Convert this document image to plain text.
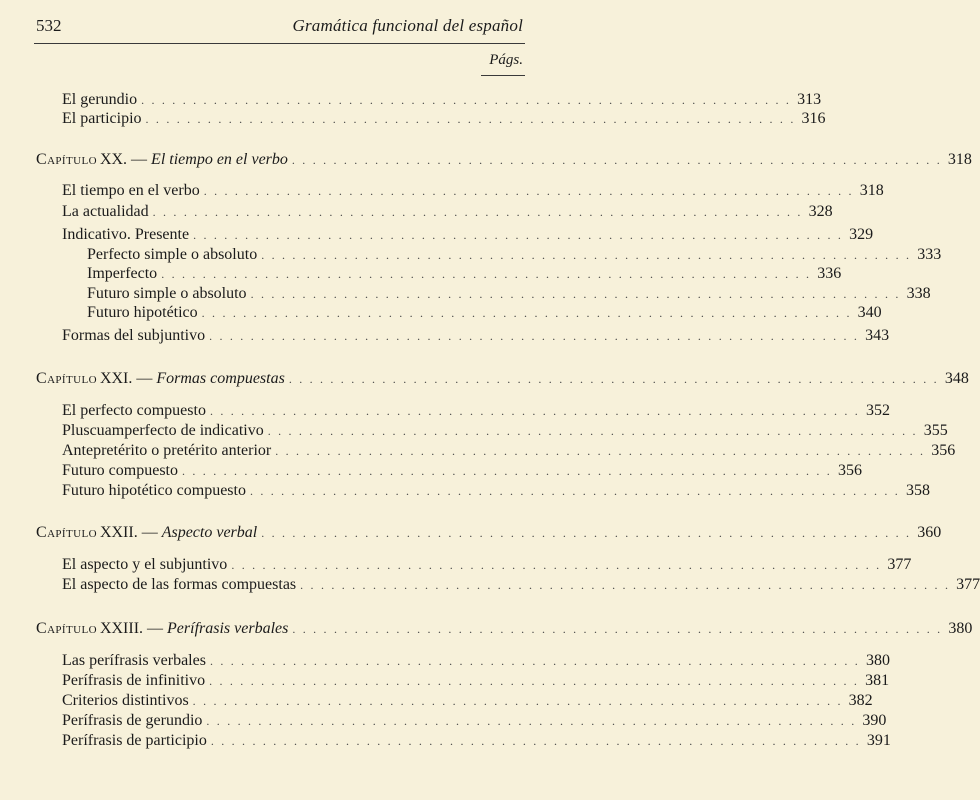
532	Gramática funcional del español
Págs.
El gerundio . . .	313
El participio . . .	316
Capítulo XX. — El tiempo en el verbo . . .	318
El tiempo en el verbo . . .	318
La actualidad . . .	328
Indicativo. Presente . . .	329
Perfecto simple o absoluto . . .	333
Imperfecto . . .	336
Futuro simple o absoluto . . .	338
Futuro hipotético . . .	340
Formas del subjuntivo . . .	343
Capítulo XXI. — Formas compuestas . . .	348
El perfecto compuesto . . .	352
Pluscuamperfecto de indicativo . . .	355
Antepretérito o pretérito anterior . . .	356
Futuro compuesto . . .	356
Futuro hipotético compuesto . . .	358
Capítulo XXII. — Aspecto verbal . . .	360
El aspecto y el subjuntivo . . .	377
El aspecto de las formas compuestas . . .	377
Capítulo XXIII. — Perífrasis verbales . . .	380
Las perífrasis verbales . . .	380
Perífrasis de infinitivo . . .	381
Criterios distintivos . . .	382
Perífrasis de gerundio . . .	390
Perífrasis de participio . . .	391
